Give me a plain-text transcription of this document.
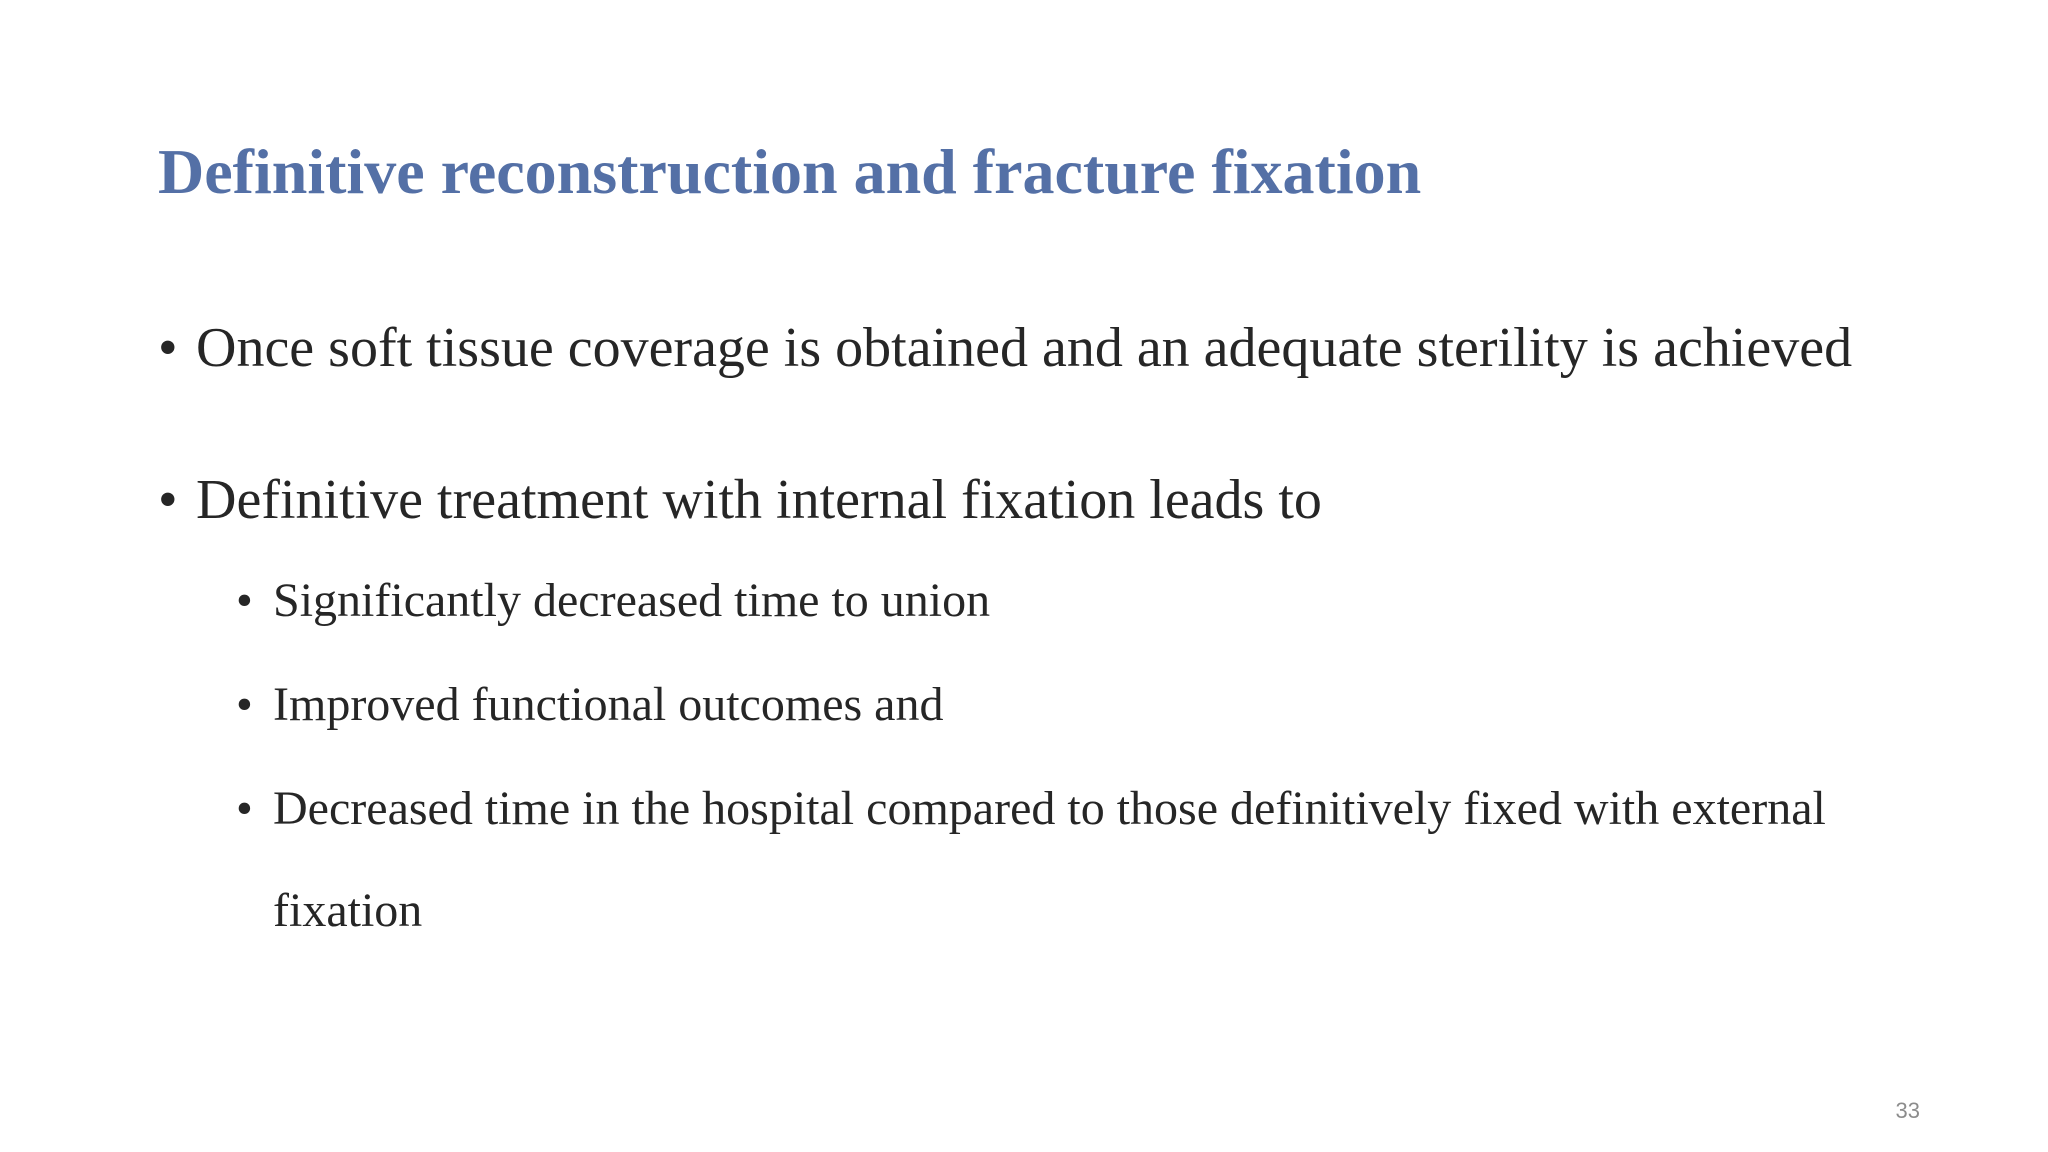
Definitive reconstruction and fracture fixation
• Once soft tissue coverage is obtained and an adequate sterility is achieved
• Definitive treatment with internal fixation leads to
• Significantly decreased time to union
• Improved functional outcomes and
• Decreased time in the hospital compared to those definitively fixed with external fixation
33
